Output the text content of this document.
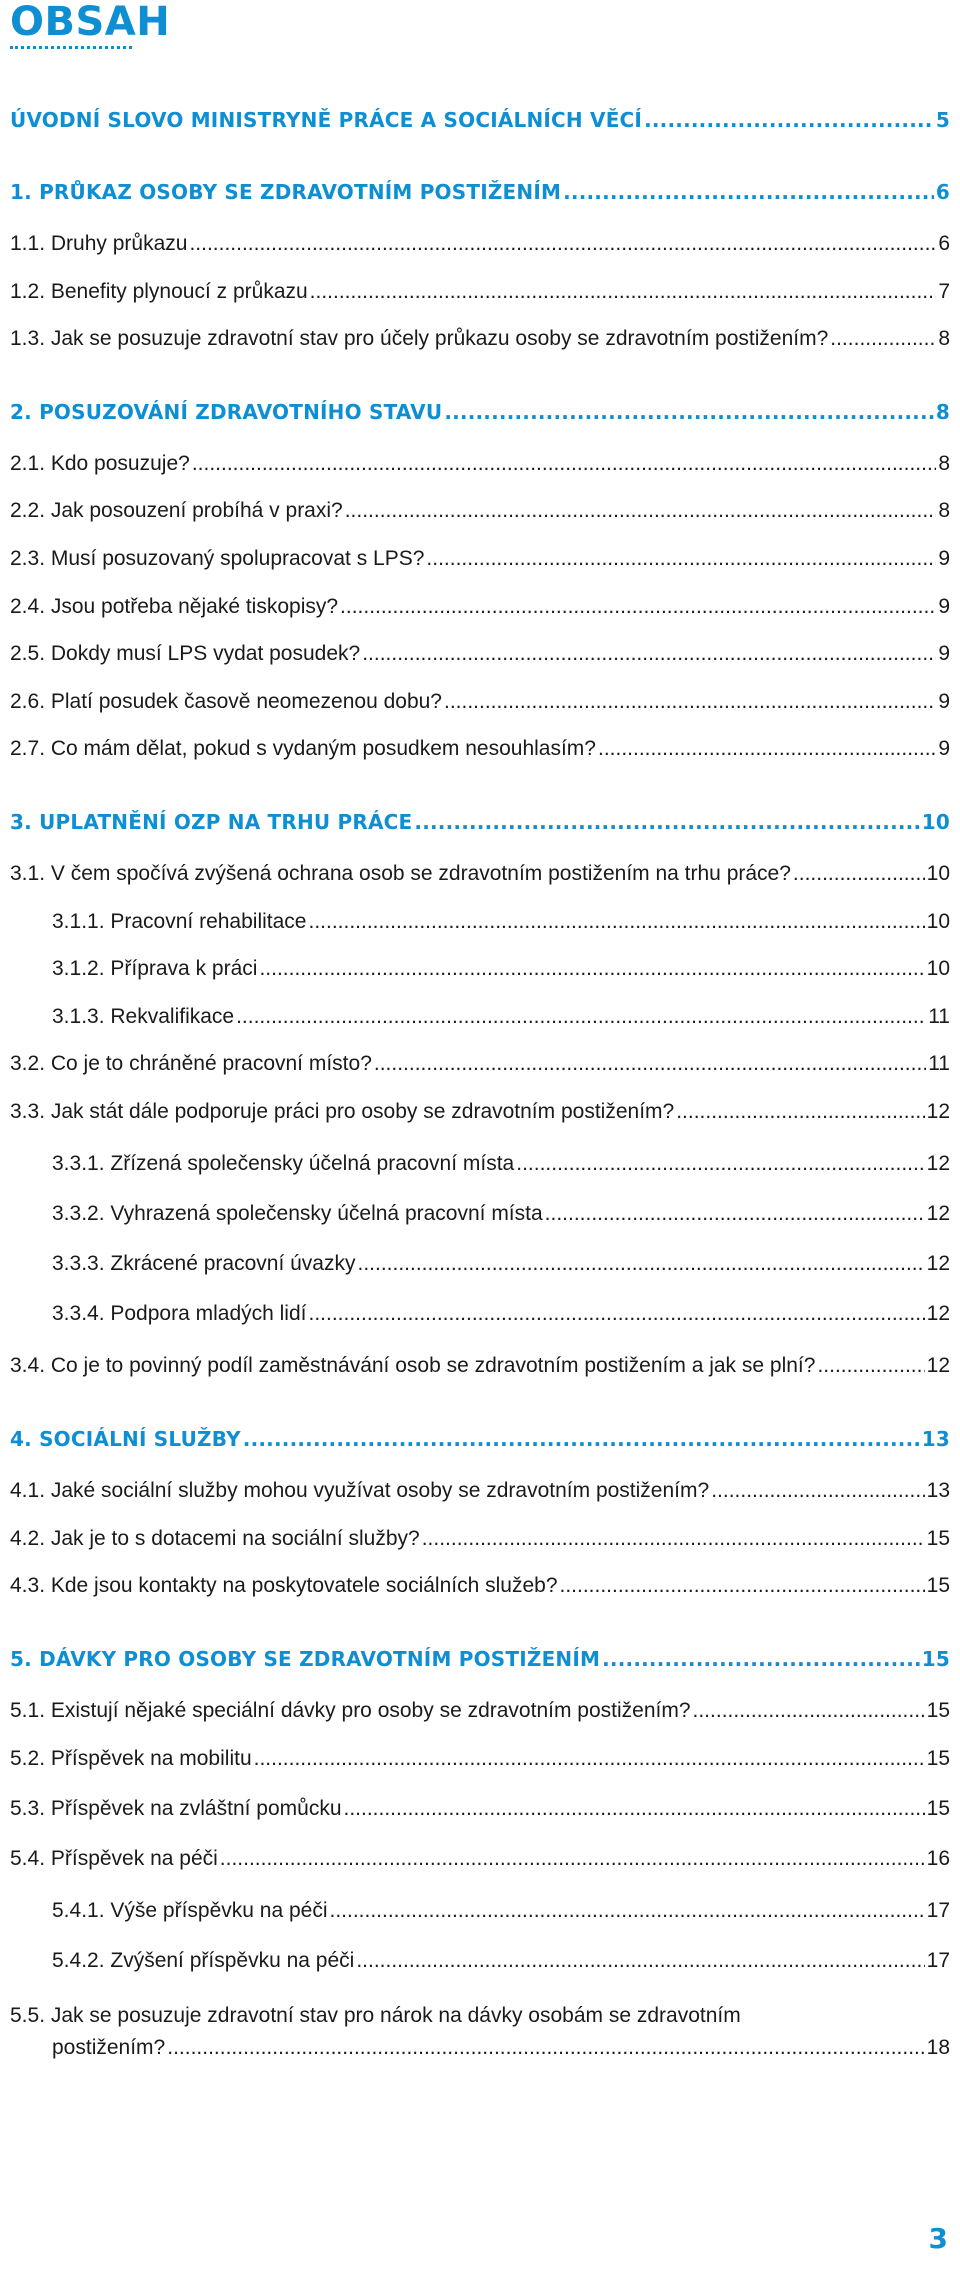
OBSAH
ÚVODNÍ SLOVO MINISTRYNĚ PRÁCE A SOCIÁLNÍCH VĚCÍ .....	5
1. PRŮKAZ OSOBY SE ZDRAVOTNÍM POSTIŽENÍM .....	6
1.1. Druhy průkazu .....	6
1.2. Benefity plynoucí z průkazu .....	7
1.3. Jak se posuzuje zdravotní stav pro účely průkazu osoby se zdravotním postižením? .....	8
2. POSUZOVÁNÍ ZDRAVOTNÍHO STAVU .....	8
2.1. Kdo posuzuje? .....	8
2.2. Jak posouzení probíhá v praxi? .....	8
2.3. Musí posuzovaný spolupracovat s LPS? .....	9
2.4. Jsou potřeba nějaké tiskopisy? .....	9
2.5. Dokdy musí LPS vydat posudek? .....	9
2.6. Platí posudek časově neomezenou dobu? .....	9
2.7. Co mám dělat, pokud s vydaným posudkem nesouhlasím? .....	9
3. UPLATNĚNÍ OZP NA TRHU PRÁCE .....	10
3.1. V čem spočívá zvýšená ochrana osob se zdravotním postižením na trhu práce? .....	10
3.1.1. Pracovní rehabilitace .....	10
3.1.2. Příprava k práci .....	10
3.1.3. Rekvalifikace .....	11
3.2. Co je to chráněné pracovní místo? .....	11
3.3. Jak stát dále podporuje práci pro osoby se zdravotním postižením? .....	12
3.3.1. Zřízená společensky účelná pracovní místa .....	12
3.3.2. Vyhrazená společensky účelná pracovní místa .....	12
3.3.3. Zkrácené pracovní úvazky .....	12
3.3.4. Podpora mladých lidí .....	12
3.4. Co je to povinný podíl zaměstnávání osob se zdravotním postižením a jak se plní? .....	12
4. SOCIÁLNÍ SLUŽBY .....	13
4.1. Jaké sociální služby mohou využívat osoby se zdravotním postižením? .....	13
4.2. Jak je to s dotacemi na sociální služby? .....	15
4.3. Kde jsou kontakty na poskytovatele sociálních služeb? .....	15
5. DÁVKY PRO OSOBY SE ZDRAVOTNÍM POSTIŽENÍM .....	15
5.1. Existují nějaké speciální dávky pro osoby se zdravotním postižením? .....	15
5.2. Příspěvek na mobilitu .....	15
5.3. Příspěvek na zvláštní pomůcku .....	15
5.4. Příspěvek na péči .....	16
5.4.1. Výše příspěvku na péči .....	17
5.4.2. Zvýšení příspěvku na péči .....	17
5.5. Jak se posuzuje zdravotní stav pro nárok na dávky osobám se zdravotním
postižením? .....	18
3
